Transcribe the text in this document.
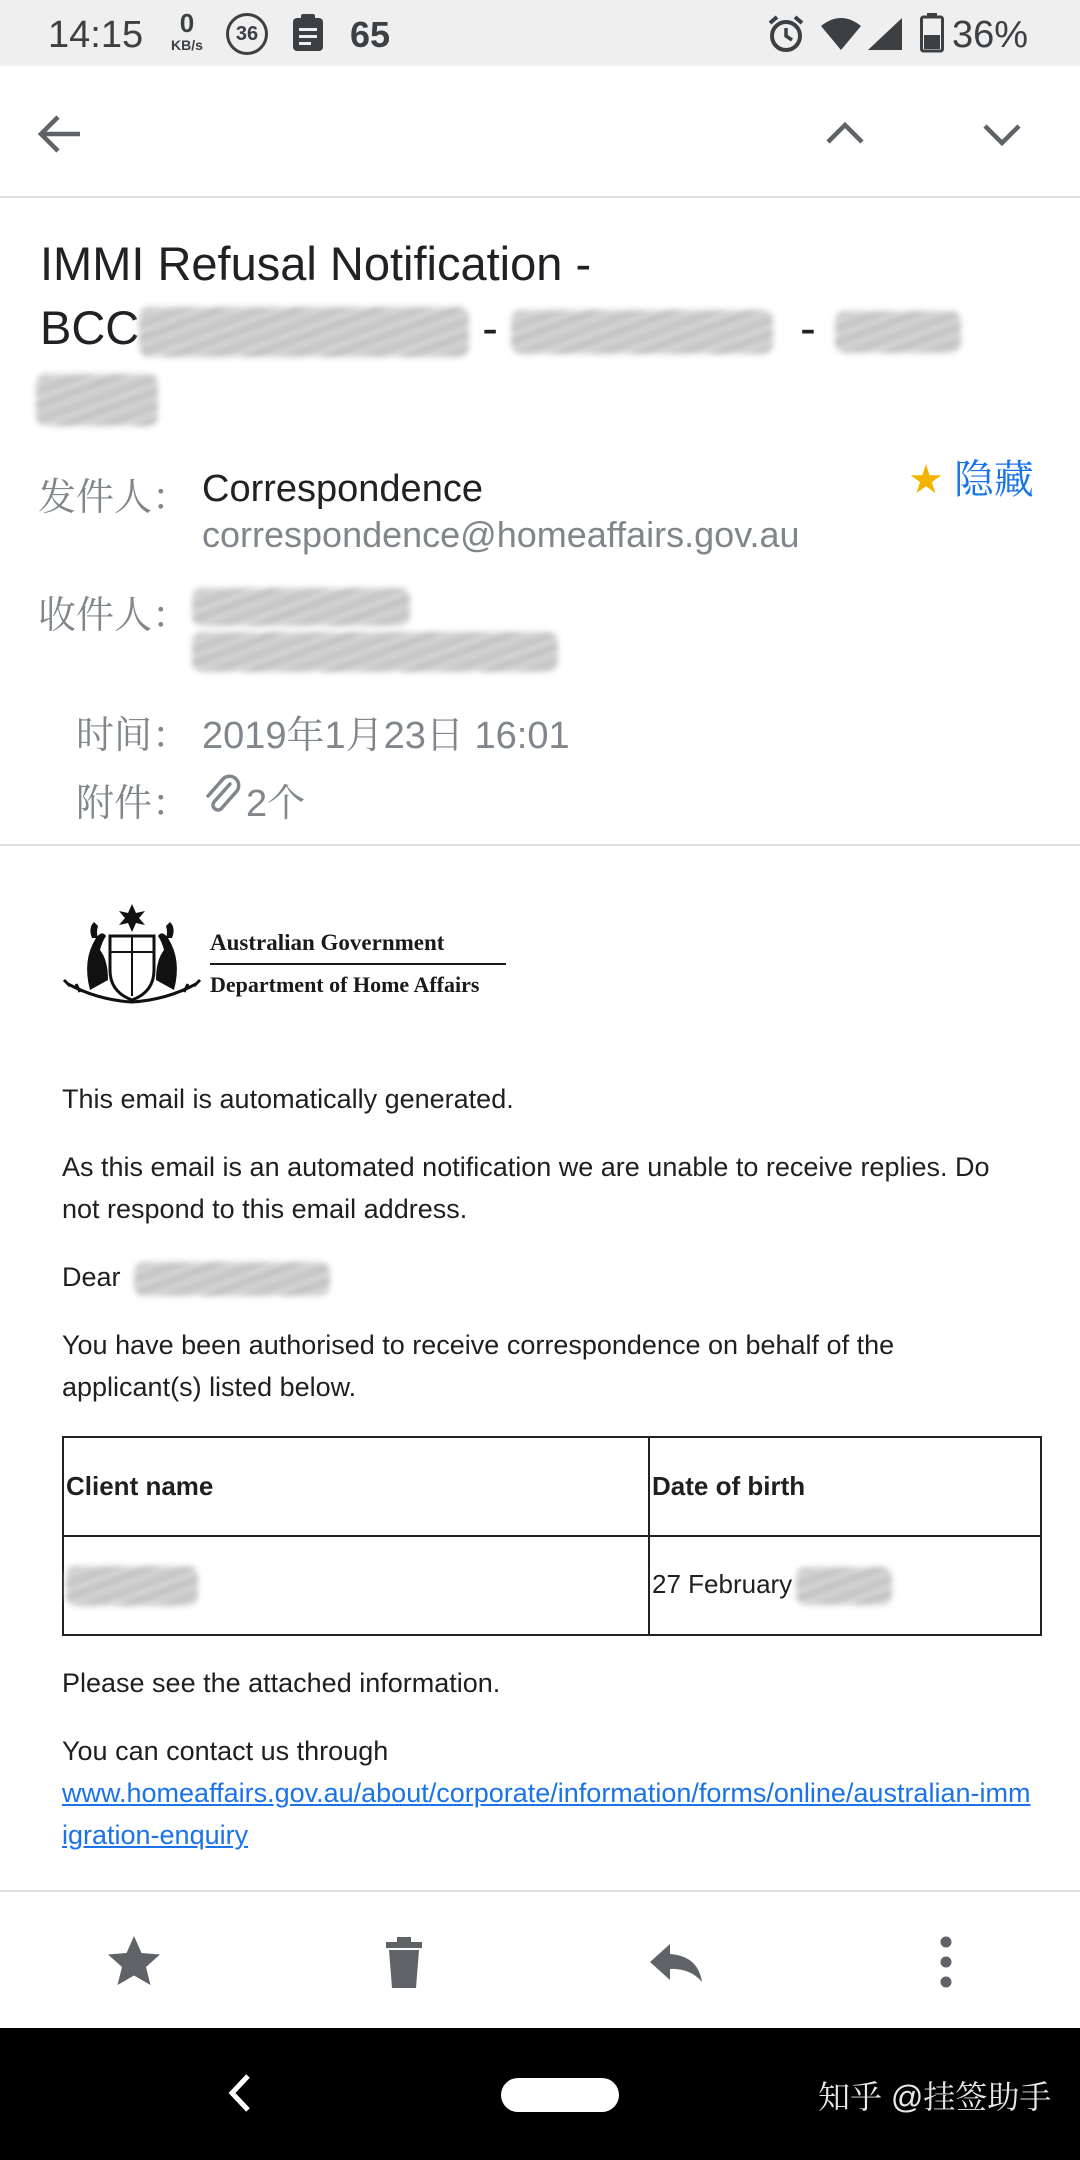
14:15	0
KB/s	36	65	36%
IMMI Refusal Notification -
BCC	-	-
发件人： Correspondence
correspondence@homeaffairs.gov.au
★ 隐藏
收件人：
时间： 2019年1月23日 16:01
附件： 2个
Australian Government
Department of Home Affairs
This email is automatically generated.
As this email is an automated notification we are unable to receive replies. Do not respond to this email address.
Dear
You have been authorised to receive correspondence on behalf of the applicant(s) listed below.
Client name	Date of birth
	27 February
Please see the attached information.
You can contact us through
www.homeaffairs.gov.au/about/corporate/information/forms/online/australian-immigration-enquiry
知乎 @挂签助手
